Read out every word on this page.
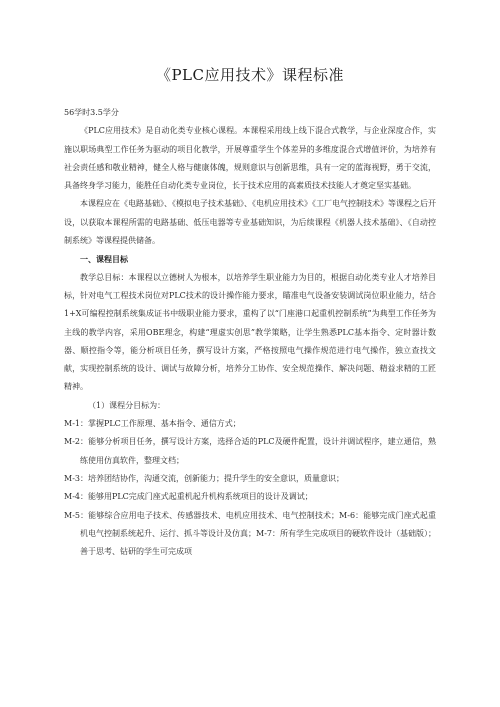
《PLC应用技术》课程标准

56学时3.5学分

《PLC应用技术》是自动化类专业核心课程。本课程采用线上线下混合式教学，与企业深度合作，实施以职场典型工作任务为驱动的项目化教学，开展尊重学生个体差异的多维度混合式增值评价，为培养有社会责任感和敬业精神，健全人格与健康体魄，规则意识与创新思维，具有一定的蓝海视野，勇于交流，具备终身学习能力，能胜任自动化类专业岗位，长于技术应用的高素质技术技能人才奠定坚实基础。

本课程应在《电路基础》、《模拟电子技术基础》、《电机应用技术》《工厂电气控制技术》等课程之后开设，以获取本课程所需的电路基础、低压电器等专业基础知识，为后续课程《机器人技术基础》、《自动控制系统》等课程提供储备。

一、课程目标

教学总目标：本课程以立德树人为根本，以培养学生职业能力为目的，根据自动化类专业人才培养目标，针对电气工程技术岗位对PLC技术的设计操作能力要求，瞄准电气设备安装调试岗位职业能力，结合1+X可编程控制系统集成证书中级职业能力要求，重构了以“门座港口起重机控制系统”为典型工作任务为主线的教学内容，采用OBE理念，构建“理虚实创思”教学策略，让学生熟悉PLC基本指令、定时器计数器、顺控指令等，能分析项目任务，撰写设计方案，严格按照电气操作规范进行电气操作，独立查找文献，实现控制系统的设计、调试与故障分析，培养分工协作、安全规范操作、解决问题、精益求精的工匠精神。

（1）课程分目标为：

M-1：掌握PLC工作原理、基本指令、通信方式；

M-2：能够分析项目任务，撰写设计方案，选择合适的PLC及硬件配置，设计并调试程序，建立通信，熟练使用仿真软件，整理文档；

M-3：培养团结协作，沟通交流，创新能力；提升学生的安全意识，质量意识；

M-4：能够用PLC完成门座式起重机起升机构系统项目的设计及调试；

M-5：能够综合应用电子技术、传感器技术、电机应用技术、电气控制技术；M-6：能够完成门座式起重机电气控制系统起升、运行、抓斗等设计及仿真；M-7：所有学生完成项目的硬软件设计（基础版）；善于思考、钻研的学生可完成项
